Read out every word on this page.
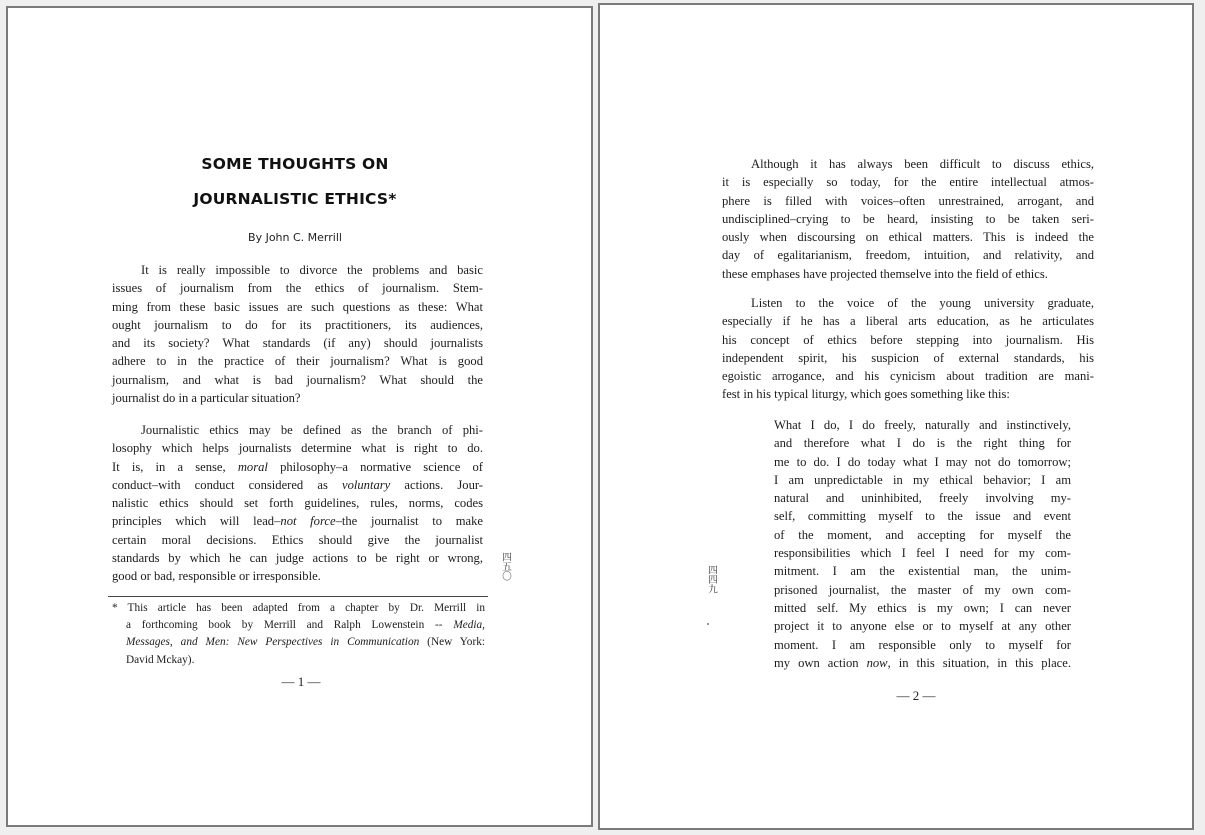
SOME THOUGHTS ON
JOURNALISTIC ETHICS*
By John C. Merrill
It is really impossible to divorce the problems and basic
issues of journalism from the ethics of journalism. Stem-
ming from these basic issues are such questions as these: What
ought journalism to do for its practitioners, its audiences,
and its society? What standards (if any) should journalists
adhere to in the practice of their journalism? What is good
journalism, and what is bad journalism? What should the
journalist do in a particular situation?
Journalistic ethics may be defined as the branch of phi-
losophy which helps journalists determine what is right to do.
It is, in a sense, moral philosophy–a normative science of
conduct–with conduct considered as voluntary actions. Jour-
nalistic ethics should set forth guidelines, rules, norms, codes
principles which will lead–not force–the journalist to make
certain moral decisions. Ethics should give the journalist
standards by which he can judge actions to be right or wrong,
good or bad, responsible or irresponsible.	四五〇
* This article has been adapted from a chapter by Dr. Merrill in
a forthcoming book by Merrill and Ralph Lowenstein -- Media,
Messages, and Men: New Perspectives in Communication (New York:
David Mckay).
— 1 —
Although it has always been difficult to discuss ethics,
it is especially so today, for the entire intellectual atmos-
phere is filled with voices–often unrestrained, arrogant, and
undisciplined–crying to be heard, insisting to be taken seri-
ously when discoursing on ethical matters. This is indeed the
day of egalitarianism, freedom, intuition, and relativity, and
these emphases have projected themselve into the field of ethics.
Listen to the voice of the young university graduate,
especially if he has a liberal arts education, as he articulates
his concept of ethics before stepping into journalism. His
independent spirit, his suspicion of external standards, his
egoistic arrogance, and his cynicism about tradition are mani-
fest in his typical liturgy, which goes something like this:
What I do, I do freely, naturally and instinctively,
and therefore what I do is the right thing for
me to do. I do today what I may not do tomorrow;
I am unpredictable in my ethical behavior; I am
natural and uninhibited, freely involving my-
self, committing myself to the issue and event
of the moment, and accepting for myself the
responsibilities which I feel I need for my com-
mitment. I am the existential man, the unim-
prisoned journalist, the master of my own com-
mitted self. My ethics is my own; I can never
project it to anyone else or to myself at any other
moment. I am responsible only to myself for
my own action now, in this situation, in this place.
四四九
— 2 —
